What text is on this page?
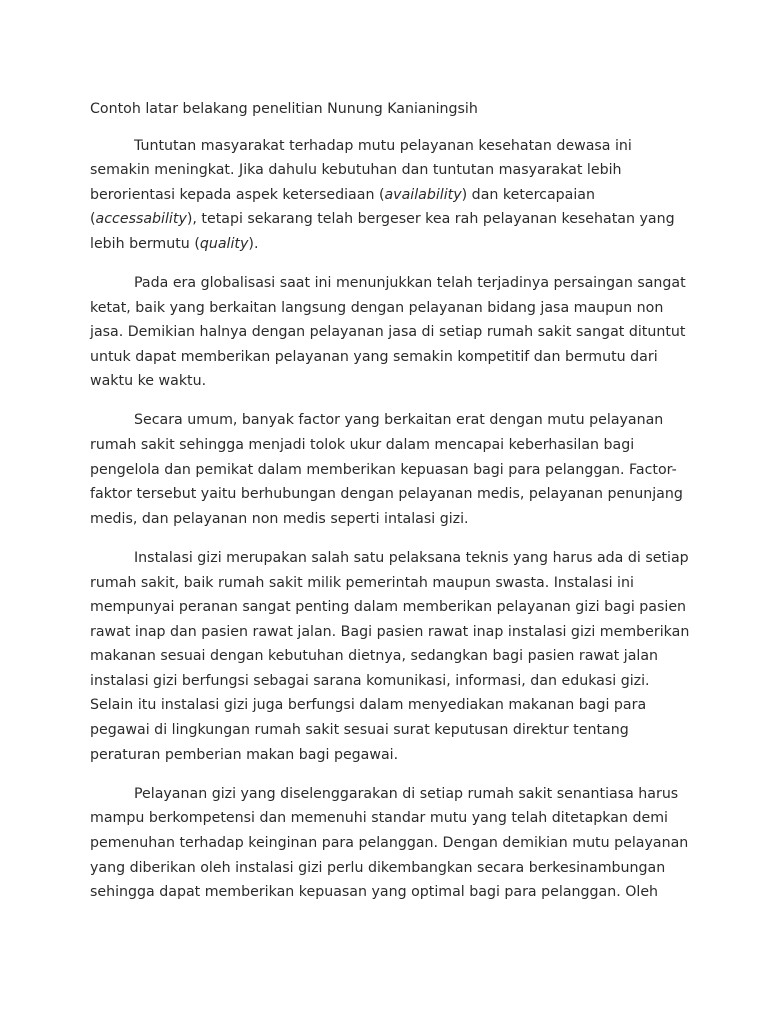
Contoh latar belakang penelitian Nunung Kanianingsih
Tuntutan masyarakat terhadap mutu pelayanan kesehatan dewasa ini
semakin meningkat. Jika dahulu kebutuhan dan tuntutan masyarakat lebih
berorientasi kepada aspek ketersediaan (availability) dan ketercapaian
(accessability), tetapi sekarang telah bergeser kea rah pelayanan kesehatan yang
lebih bermutu (quality).
Pada era globalisasi saat ini menunjukkan telah terjadinya persaingan sangat
ketat, baik yang berkaitan langsung dengan pelayanan bidang jasa maupun non
jasa. Demikian halnya dengan pelayanan jasa di setiap rumah sakit sangat dituntut
untuk dapat memberikan pelayanan yang semakin kompetitif dan bermutu dari
waktu ke waktu.
Secara umum, banyak factor yang berkaitan erat dengan mutu pelayanan
rumah sakit sehingga menjadi tolok ukur dalam mencapai keberhasilan bagi
pengelola dan pemikat dalam memberikan kepuasan bagi para pelanggan. Factor-
faktor tersebut yaitu berhubungan dengan pelayanan medis, pelayanan penunjang
medis, dan pelayanan non medis seperti intalasi gizi.
Instalasi gizi merupakan salah satu pelaksana teknis yang harus ada di setiap
rumah sakit, baik rumah sakit milik pemerintah maupun swasta. Instalasi ini
mempunyai peranan sangat penting dalam memberikan pelayanan gizi bagi pasien
rawat inap dan pasien rawat jalan. Bagi pasien rawat inap instalasi gizi memberikan
makanan sesuai dengan kebutuhan dietnya, sedangkan bagi pasien rawat jalan
instalasi gizi berfungsi sebagai sarana komunikasi, informasi, dan edukasi gizi.
Selain itu instalasi gizi juga berfungsi dalam menyediakan makanan bagi para
pegawai di lingkungan rumah sakit sesuai surat keputusan direktur tentang
peraturan pemberian makan bagi pegawai.
Pelayanan gizi yang diselenggarakan di setiap rumah sakit senantiasa harus
mampu berkompetensi dan memenuhi standar mutu yang telah ditetapkan demi
pemenuhan terhadap keinginan para pelanggan. Dengan demikian mutu pelayanan
yang diberikan oleh instalasi gizi perlu dikembangkan secara berkesinambungan
sehingga dapat memberikan kepuasan yang optimal bagi para pelanggan. Oleh
